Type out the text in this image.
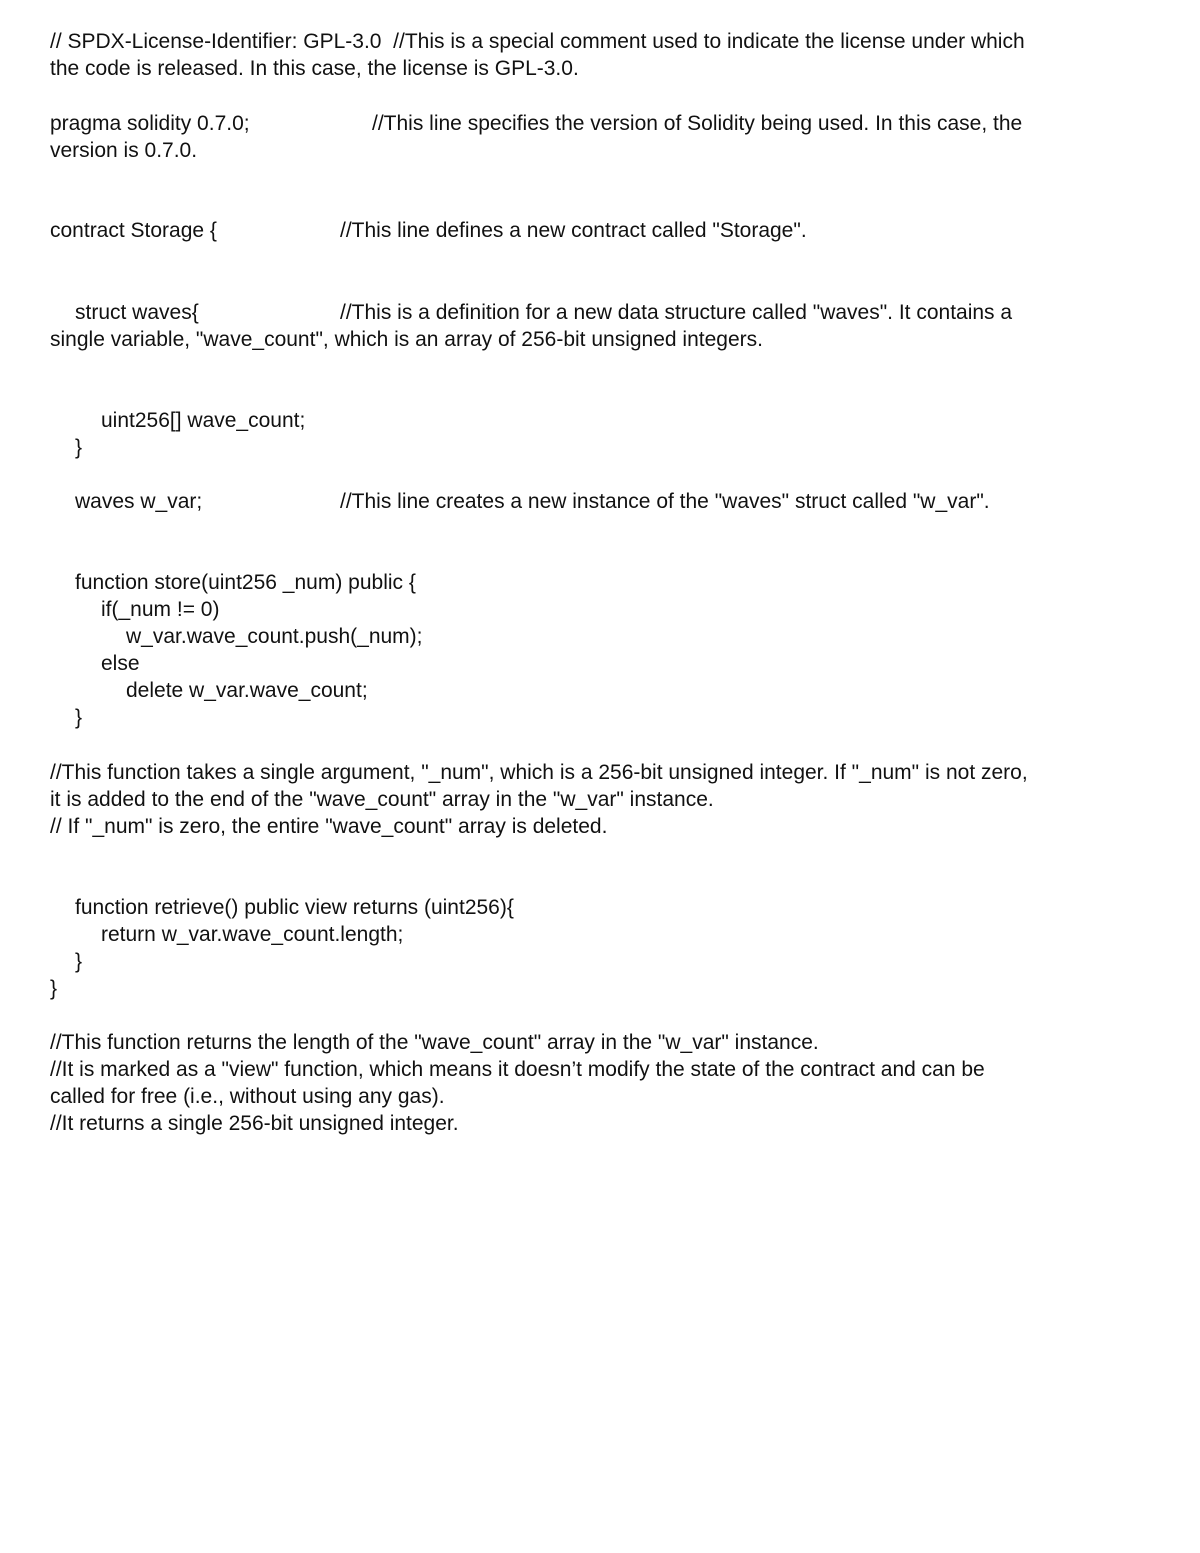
// SPDX-License-Identifier: GPL-3.0  //This is a special comment used to indicate the license under which
the code is released. In this case, the license is GPL-3.0.
pragma solidity 0.7.0;	//This line specifies the version of Solidity being used. In this case, the
version is 0.7.0.
contract Storage {	//This line defines a new contract called "Storage".
struct waves{	//This is a definition for a new data structure called "waves". It contains a
single variable, "wave_count", which is an array of 256-bit unsigned integers.
uint256[] wave_count;
}
waves w_var;	//This line creates a new instance of the "waves" struct called "w_var".
function store(uint256 _num) public {
if(_num != 0)
w_var.wave_count.push(_num);
else
delete w_var.wave_count;
}
//This function takes a single argument, "_num", which is a 256-bit unsigned integer. If "_num" is not zero,
it is added to the end of the "wave_count" array in the "w_var" instance.
// If "_num" is zero, the entire "wave_count" array is deleted.
function retrieve() public view returns (uint256){
return w_var.wave_count.length;
}
}
//This function returns the length of the "wave_count" array in the "w_var" instance.
//It is marked as a "view" function, which means it doesn’t modify the state of the contract and can be
called for free (i.e., without using any gas).
//It returns a single 256-bit unsigned integer.
